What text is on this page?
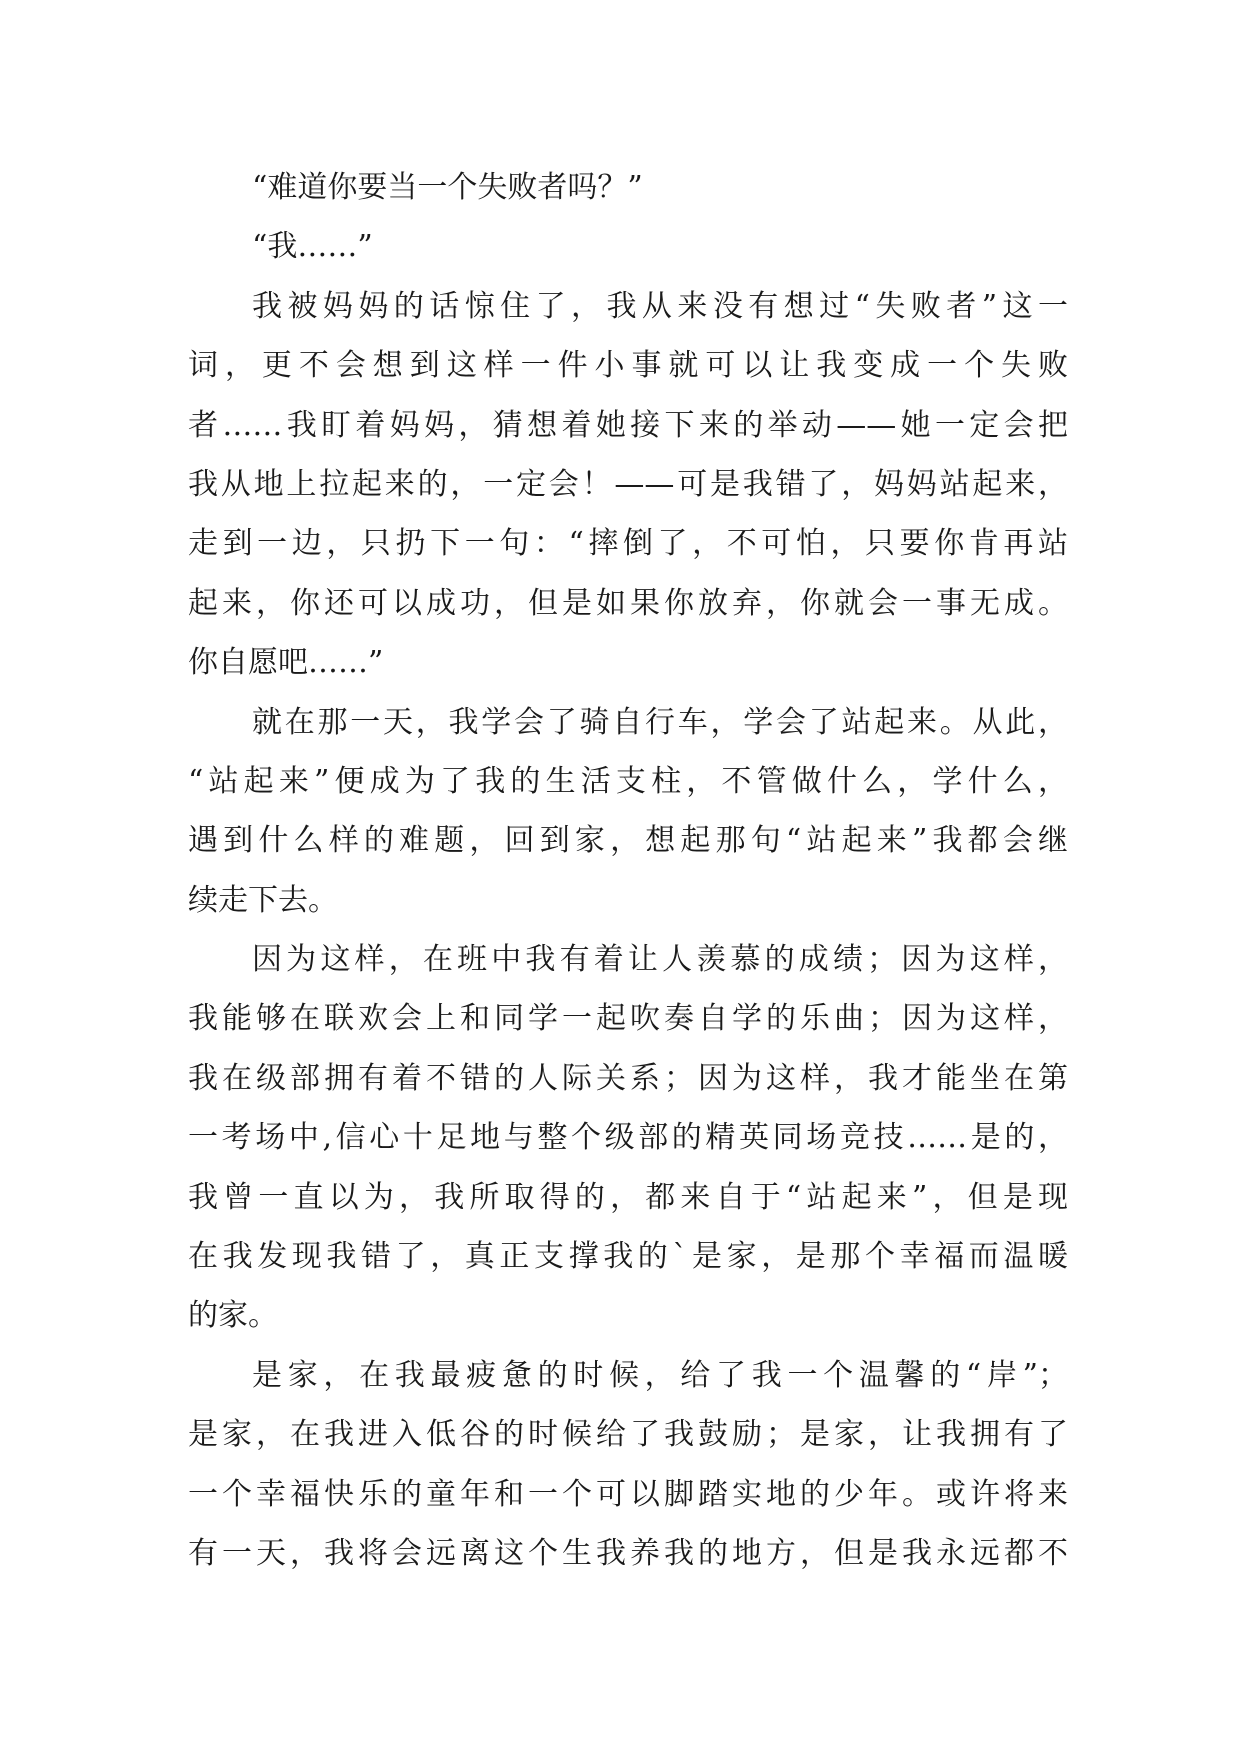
“难道你要当一个失败者吗？”
“我……”
我被妈妈的话惊住了，我从来没有想过“失败者”这一
词，更不会想到这样一件小事就可以让我变成一个失败
者……我盯着妈妈，猜想着她接下来的举动——她一定会把
我从地上拉起来的，一定会！——可是我错了，妈妈站起来，
走到一边，只扔下一句：“摔倒了，不可怕，只要你肯再站
起来，你还可以成功，但是如果你放弃，你就会一事无成。
你自愿吧……”
就在那一天，我学会了骑自行车，学会了站起来。从此，
“站起来”便成为了我的生活支柱，不管做什么，学什么，
遇到什么样的难题，回到家，想起那句“站起来”我都会继
续走下去。
因为这样，在班中我有着让人羡慕的成绩；因为这样，
我能够在联欢会上和同学一起吹奏自学的乐曲；因为这样，
我在级部拥有着不错的人际关系；因为这样，我才能坐在第
一考场中,信心十足地与整个级部的精英同场竞技……是的，
我曾一直以为，我所取得的，都来自于“站起来”，但是现
在我发现我错了，真正支撑我的`是家，是那个幸福而温暖
的家。
是家，在我最疲惫的时候，给了我一个温馨的“岸”；
是家，在我进入低谷的时候给了我鼓励；是家，让我拥有了
一个幸福快乐的童年和一个可以脚踏实地的少年。或许将来
有一天，我将会远离这个生我养我的地方，但是我永远都不
